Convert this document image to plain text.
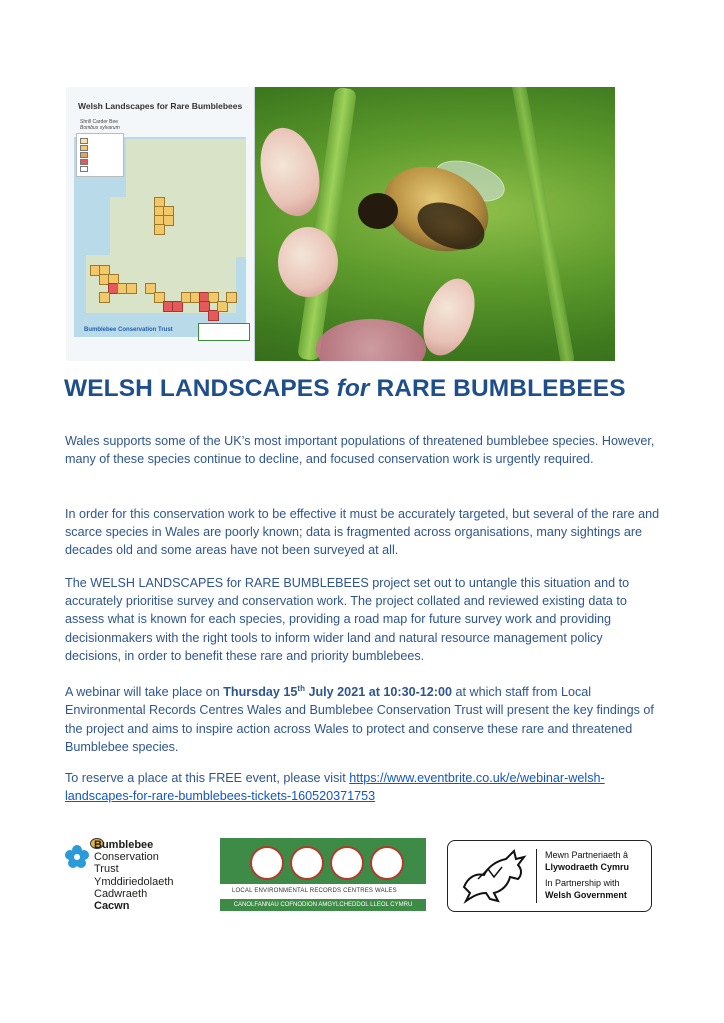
Welsh Landscapes for Rare Bumblebees
Shrill Carder Bee
Bombus sylvarum
Bumblebee Conservation Trust
WELSH LANDSCAPES for RARE BUMBLEBEES

Wales supports some of the UK’s most important populations of threatened bumblebee species. However, many of these species continue to decline, and focused conservation work is urgently required.

In order for this conservation work to be effective it must be accurately targeted, but several of the rare and scarce species in Wales are poorly known; data is fragmented across organisations, many sightings are decades old and some areas have not been surveyed at all.

The WELSH LANDSCAPES for RARE BUMBLEBEES project set out to untangle this situation and to accurately prioritise survey and conservation work. The project collated and reviewed existing data to assess what is known for each species, providing a road map for future survey work and providing decisionmakers with the right tools to inform wider land and natural resource management policy decisions, in order to benefit these rare and priority bumblebees.

A webinar will take place on Thursday 15th July 2021 at 10:30-12:00 at which staff from Local Environmental Records Centres Wales and Bumblebee Conservation Trust will present the key findings of the project and aims to inspire action across Wales to protect and conserve these rare and threatened Bumblebee species.

To reserve a place at this FREE event, please visit https://www.eventbrite.co.uk/e/webinar-welsh-landscapes-for-rare-bumblebees-tickets-160520371753

Bumblebee
Conservation
Trust
Ymddiriedolaeth
Cadwraeth
Cacwn
LOCAL ENVIRONMENTAL RECORDS CENTRES WALES
CANOLFANNAU COFNODION AMGYLCHEDDOL LLEOL CYMRU
Mewn Partneriaeth â
Llywodraeth Cymru
In Partnership with
Welsh Government
